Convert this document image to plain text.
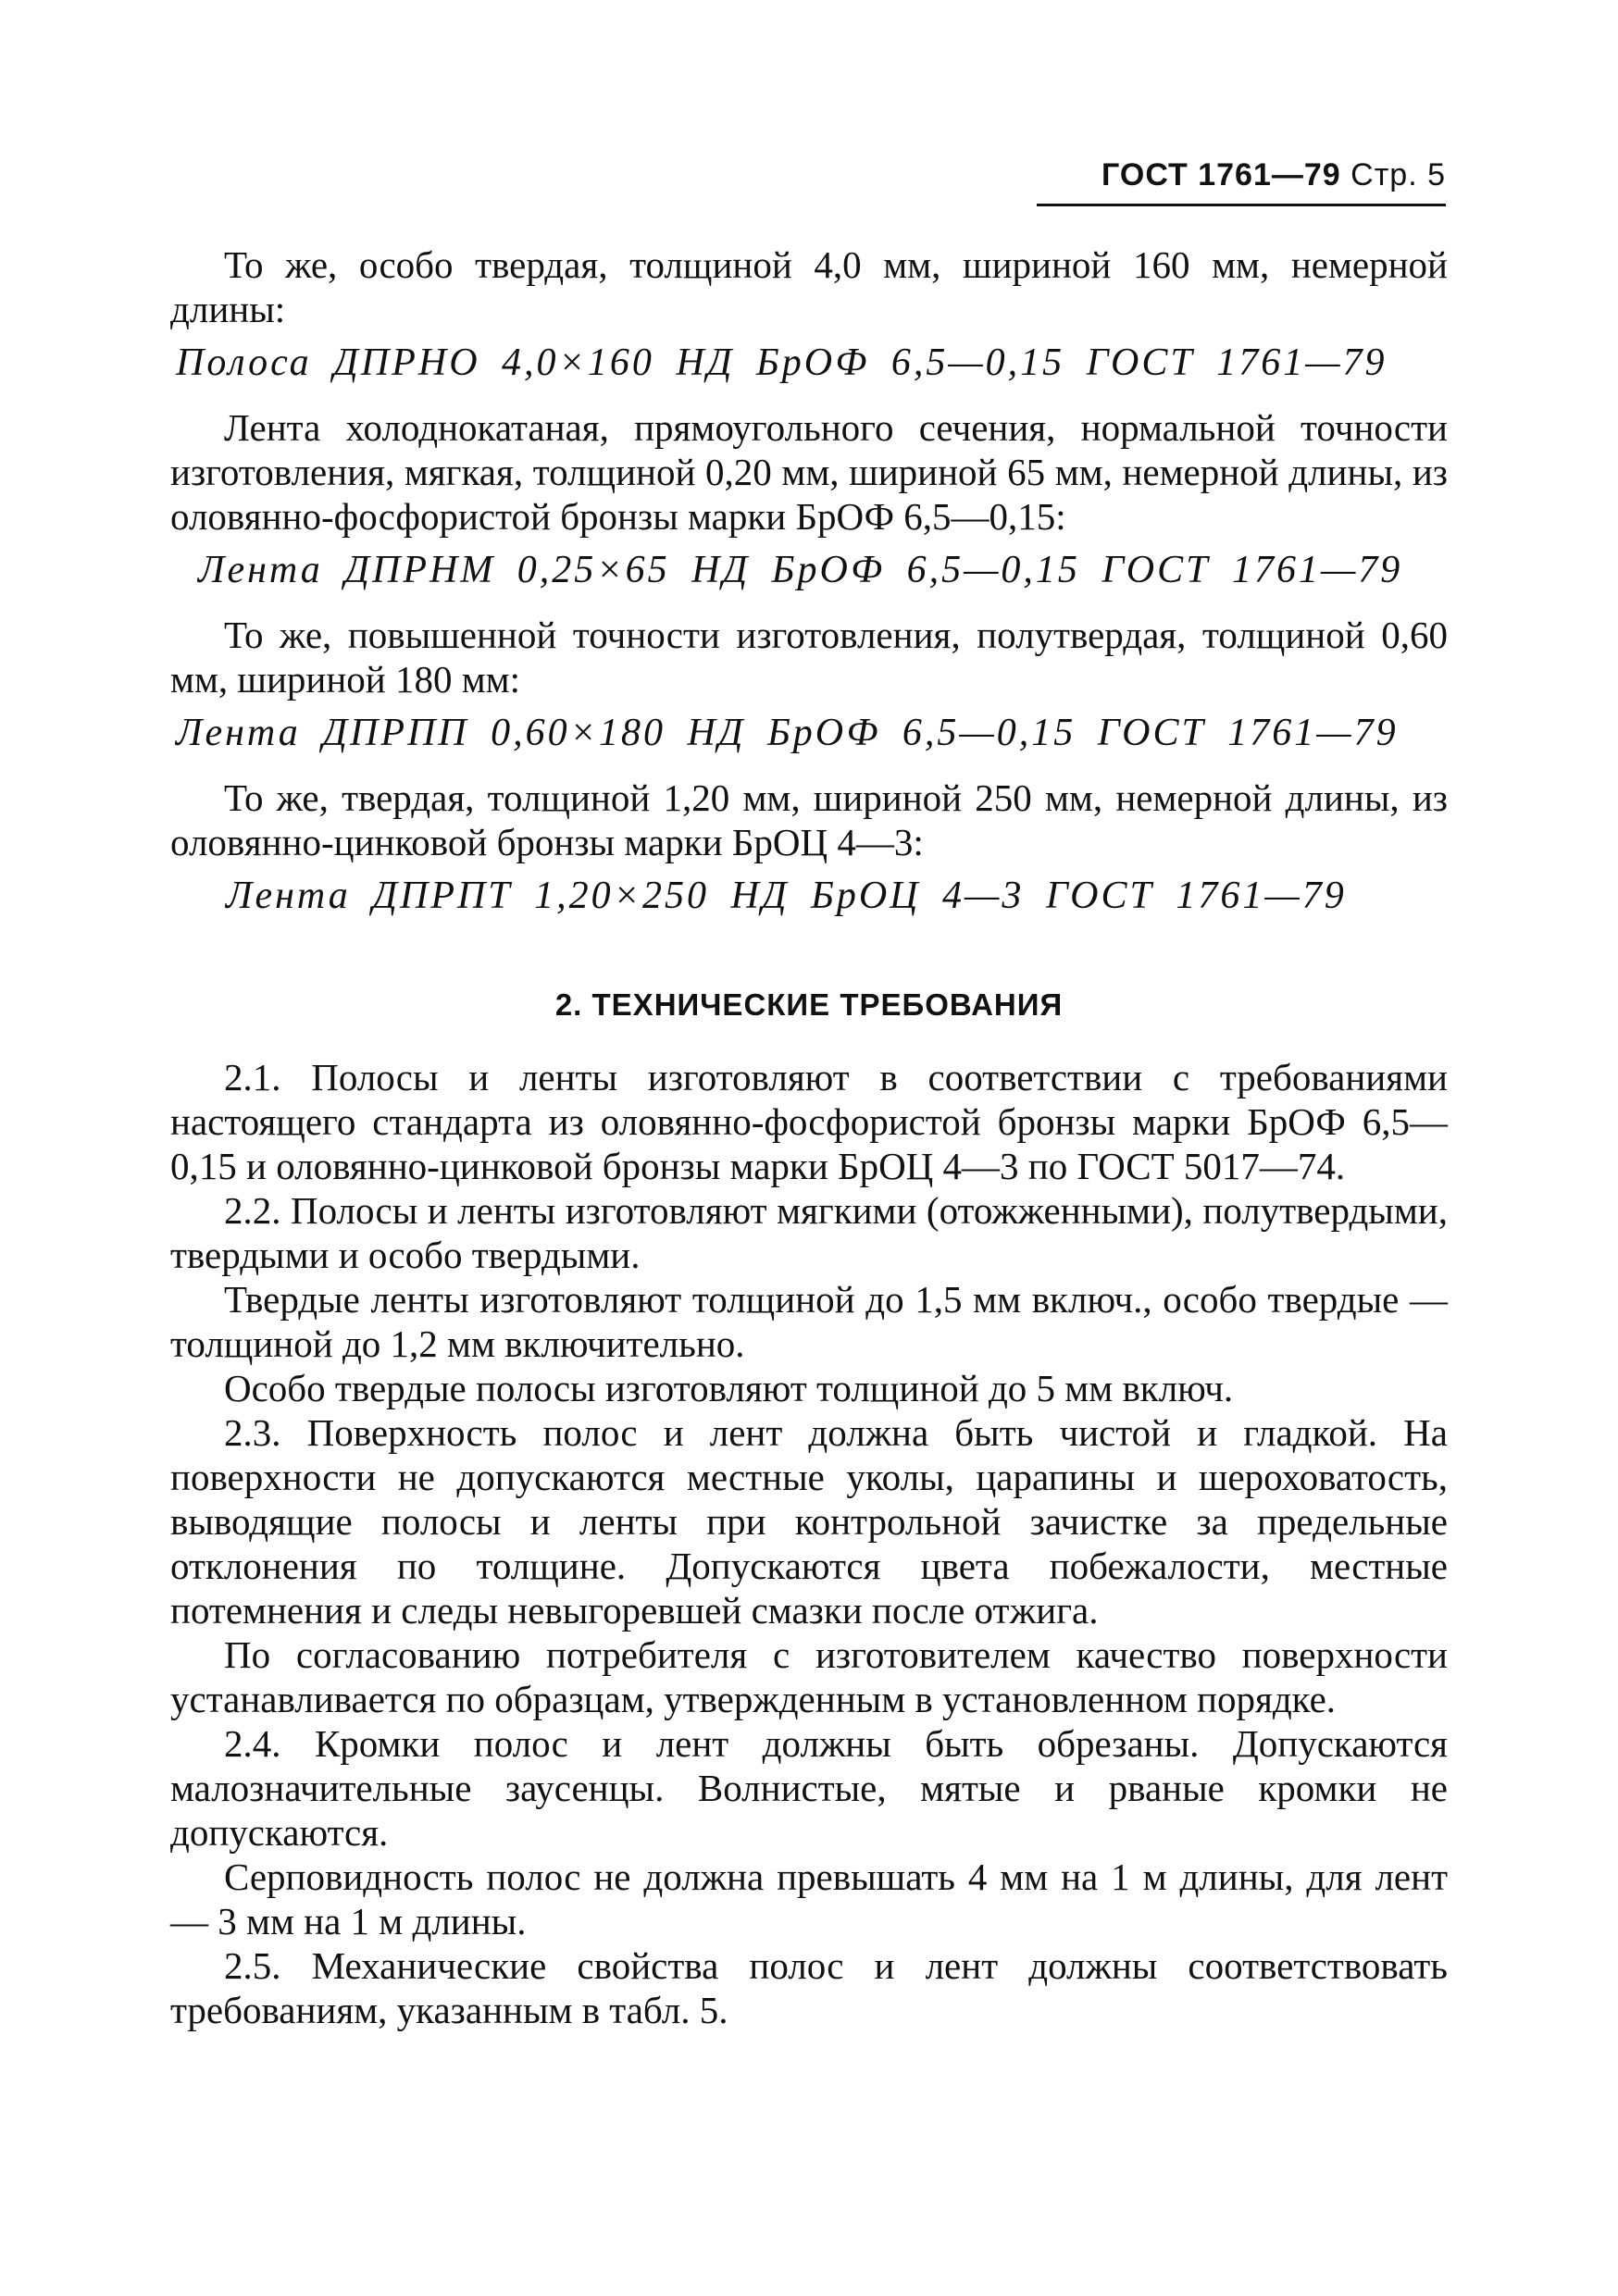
ГОСТ 1761—79 Стр. 5

То же, особо твердая, толщиной 4,0 мм, шириной 160 мм, немерной длины:

Полоса ДПРНО 4,0×160 НД БрОФ 6,5—0,15 ГОСТ 1761—79

Лента холоднокатаная, прямоугольного сечения, нормальной точности изготовления, мягкая, толщиной 0,20 мм, шириной 65 мм, немерной длины, из оловянно-фосфористой бронзы марки БрОФ 6,5—0,15:

Лента ДПРНМ 0,25×65 НД БрОФ 6,5—0,15 ГОСТ 1761—79

То же, повышенной точности изготовления, полутвердая, толщиной 0,60 мм, шириной 180 мм:

Лента ДПРПП 0,60×180 НД БрОФ 6,5—0,15 ГОСТ 1761—79

То же, твердая, толщиной 1,20 мм, шириной 250 мм, немерной длины, из оловянно-цинковой бронзы марки БрОЦ 4—3:

Лента ДПРПТ 1,20×250 НД БрОЦ 4—3 ГОСТ 1761—79

2. ТЕХНИЧЕСКИЕ ТРЕБОВАНИЯ

2.1. Полосы и ленты изготовляют в соответствии с требованиями настоящего стандарта из оловянно-фосфористой бронзы марки БрОФ 6,5—0,15 и оловянно-цинковой бронзы марки БрОЦ 4—3 по ГОСТ 5017—74.

2.2. Полосы и ленты изготовляют мягкими (отожженными), полутвердыми, твердыми и особо твердыми.

Твердые ленты изготовляют толщиной до 1,5 мм включ., особо твердые — толщиной до 1,2 мм включительно.

Особо твердые полосы изготовляют толщиной до 5 мм включ.

2.3. Поверхность полос и лент должна быть чистой и гладкой. На поверхности не допускаются местные уколы, царапины и шероховатость, выводящие полосы и ленты при контрольной зачистке за предельные отклонения по толщине. Допускаются цвета побежалости, местные потемнения и следы невыгоревшей смазки после отжига.

По согласованию потребителя с изготовителем качество поверхности устанавливается по образцам, утвержденным в установленном порядке.

2.4. Кромки полос и лент должны быть обрезаны. Допускаются малозначительные заусенцы. Волнистые, мятые и рваные кромки не допускаются.

Серповидность полос не должна превышать 4 мм на 1 м длины, для лент — 3 мм на 1 м длины.

2.5. Механические свойства полос и лент должны соответствовать требованиям, указанным в табл. 5.
